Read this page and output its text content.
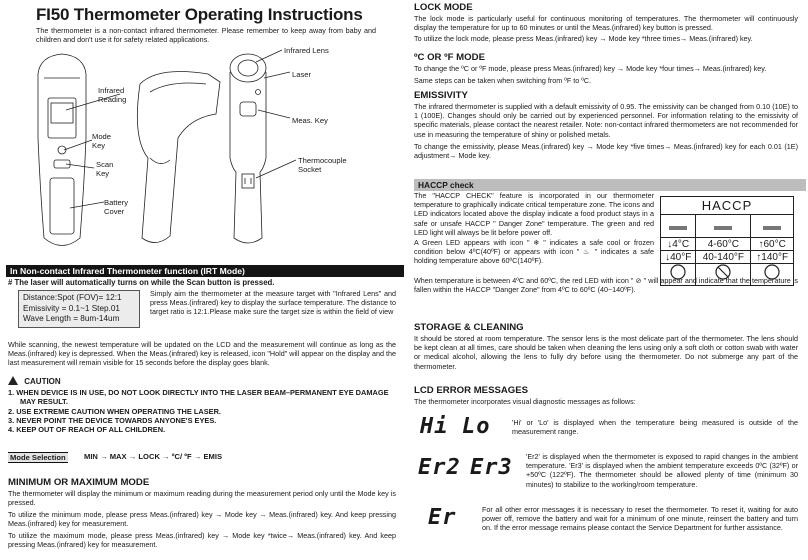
FI50 Thermometer Operating Instructions
The thermometer is a non-contact infrared thermometer. Please remember to keep away from baby and children and don't use it for safety related applications.
Infrared Reading
Mode Key
Scan Key
Battery Cover
Infrared Lens
Laser
Meas. Key
Thermocouple Socket
In Non-contact Infrared Thermometer function (IRT Mode)
# The laser will automatically turns on while the Scan button is pressed.
Distance:Spot (FOV)= 12:1
Emissivity = 0.1~1 Step.01
Wave Length = 8um-14um
Simply aim the thermometer at the measure target with "Infrared Lens" and press Meas.(infrared) key to display the surface temperature. The distance to target ratio is 12:1.Please make sure the target size is within the field of view
While scanning, the newest temperature will be updated on the LCD and the measurement will continue as long as the Meas.(infrared) key is depressed. When the Meas.(infrared) key is released, icon "Hold" will appear on the display and the last measurement will remain visible for 15 seconds before the display goes blank.
CAUTION
1. WHEN DEVICE IS IN USE, DO NOT LOOK DIRECTLY INTO THE LASER BEAM–PERMANENT EYE DAMAGE
MAY RESULT.
2. USE EXTREME CAUTION WHEN OPERATING THE LASER.
3. NEVER POINT THE DEVICE TOWARDS ANYONE'S EYES.
4. KEEP OUT OF REACH OF ALL CHILDREN.
Mode Selection MIN → MAX → LOCK → ºC/ ºF → EMIS
MINIMUM OR MAXIMUM MODE
The thermometer will display the minimum or maximum reading during the measurement period only until the Mode key is pressed.
To utilize the minimum mode, please press Meas.(infrared) key → Mode key → Meas.(infrared) key. And keep pressing Meas.(infrared) key for measurement.
To utilize the maximum mode, please press Meas.(infrared) key → Mode key *twice→ Meas.(infrared) key. And keep pressing Meas.(infrared) key for measurement.
LOCK MODE
The lock mode is particularly useful for continuous monitoring of temperatures. The thermometer will continuously display the temperature for up to 60 minutes or until the Meas.(infrared) key button is pressed.
To utilize the lock mode, please press Meas.(infrared) key → Mode key *three times→ Meas.(infrared) key.
ºC OR ºF MODE
To change the ºC or ºF mode, please press Meas.(infrared) key → Mode key *four times→ Meas.(infrared) key.
Same steps can be taken when switching from ºF to ºC.
EMISSIVITY
The infrared thermometer is supplied with a default emissivity of 0.95. The emissivity can be changed from 0.10 (10E) to 1 (100E). Changes should only be carried out by experienced personnel. For information relating to the emissivity of specific materials, please contact the nearest retailer. Note: non-contact infrared thermometers are not recommended for use in measuring the temperature of shiny or polished metals.
To change the emissivity, please Meas.(infrared) key → Mode key *five times→ Meas.(infrared) key for each 0.01 (1E) adjustment→ Mode key.
HACCP check
The "HACCP CHECK" feature is incorporated in our thermometer temperature to graphically indicate critical temperature zone. The icons and LED indicators located above the display indicate a food product stays in a safe or unsafe HACCP " Danger Zone" temperature. The green and red LED light will always be lit before power off.
A Green LED appears with icon " ❄ " indicates a safe cool or frozen condition below 4ºC(40ºF) or appears with icon " ♨ " indicates a safe holding temperature above 60ºC(140ºF).
When temperature is between 4ºC and 60ºC, the red LED with icon " ⊘ " will appear and indicate that the temperature is fallen within the HACCP "Danger Zone" from 4ºC to 60ºC (40~140ºF).
HACCP		

↓4°C	4-60°C	↑60°C
↓40°F	40-140°F	↑140°F

STORAGE & CLEANING
It should be stored at room temperature. The sensor lens is the most delicate part of the thermometer. The lens should be kept clean at all times, care should be taken when cleaning the lens using only a soft cloth or cotton swab with water or medical alcohol, allowing the lens to fully dry before using the thermometer. Do not submerge any part of the thermometer.
LCD ERROR MESSAGES
The thermometer incorporates visual diagnostic messages as follows:
Hi Lo	'Hi' or 'Lo' is displayed when the temperature being measured is outside of the measurement range.
Er2 Er3 'Er2' is displayed when the thermometer is exposed to rapid changes in the ambient temperature. 'Er3' is displayed when the ambient temperature exceeds 0ºC (32ºF) or +50ºC (122ºF). The thermometer should be allowed plenty of time (minimum 30 minutes) to stabilize to the working/room temperature.
Er	For all other error messages it is necessary to reset the thermometer. To reset it, waiting for auto power off, remove the battery and wait for a minimum of one minute, reinsert the battery and turn on. If the error message remains please contact the Service Department for further assistance.
